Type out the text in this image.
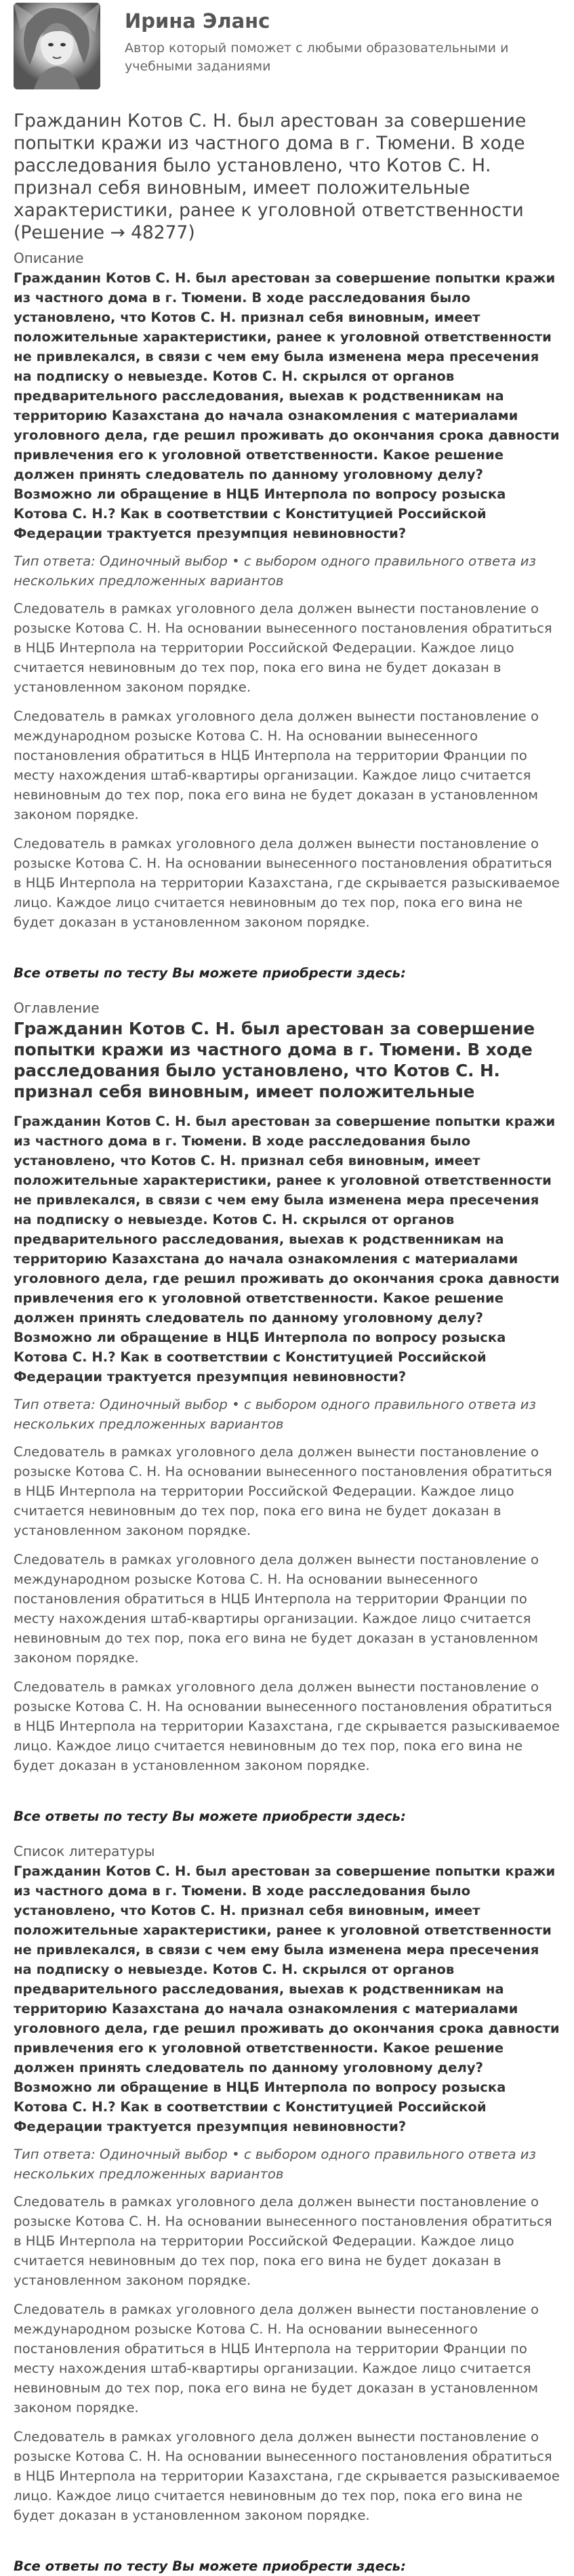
Ирина Эланс
Автор который поможет с любыми образовательными и учебными заданиями
Гражданин Котов С. Н. был арестован за совершение попытки кражи из частного дома в г. Тюмени. В ходе расследования было установлено, что Котов С. Н. признал себя виновным, имеет положительные характеристики, ранее к уголовной ответственности (Решение → 48277)
Описание
Гражданин Котов С. Н. был арестован за совершение попытки кражи из частного дома в г. Тюмени. В ходе расследования было установлено, что Котов С. Н. признал себя виновным, имеет положительные характеристики, ранее к уголовной ответственности не привлекался, в связи с чем ему была изменена мера пресечения на подписку о невыезде. Котов С. Н. скрылся от органов предварительного расследования, выехав к родственникам на территорию Казахстана до начала ознакомления с материалами уголовного дела, где решил проживать до окончания срока давности привлечения его к уголовной ответственности. Какое решение должен принять следователь по данному уголовному делу? Возможно ли обращение в НЦБ Интерпола по вопросу розыска Котова С. Н.? Как в соответствии с Конституцией Российской Федерации трактуется презумпция невиновности?
Тип ответа: Одиночный выбор • с выбором одного правильного ответа из нескольких предложенных вариантов
Следователь в рамках уголовного дела должен вынести постановление о розыске Котова С. Н. На основании вынесенного постановления обратиться в НЦБ Интерпола на территории Российской Федерации. Каждое лицо считается невиновным до тех пор, пока его вина не будет доказан в установленном законом порядке.
Следователь в рамках уголовного дела должен вынести постановление о международном розыске Котова С. Н. На основании вынесенного постановления обратиться в НЦБ Интерпола на территории Франции по месту нахождения штаб-квартиры организации. Каждое лицо считается невиновным до тех пор, пока его вина не будет доказан в установленном законом порядке.
Следователь в рамках уголовного дела должен вынести постановление о розыске Котова С. Н. На основании вынесенного постановления обратиться в НЦБ Интерпола на территории Казахстана, где скрывается разыскиваемое лицо. Каждое лицо считается невиновным до тех пор, пока его вина не будет доказан в установленном законом порядке.
Все ответы по тесту Вы можете приобрести здесь:
Оглавление
Гражданин Котов С. Н. был арестован за совершение попытки кражи из частного дома в г. Тюмени. В ходе расследования было установлено, что Котов С. Н. признал себя виновным, имеет положительные
Гражданин Котов С. Н. был арестован за совершение попытки кражи из частного дома в г. Тюмени. В ходе расследования было установлено, что Котов С. Н. признал себя виновным, имеет положительные характеристики, ранее к уголовной ответственности не привлекался, в связи с чем ему была изменена мера пресечения на подписку о невыезде. Котов С. Н. скрылся от органов предварительного расследования, выехав к родственникам на территорию Казахстана до начала ознакомления с материалами уголовного дела, где решил проживать до окончания срока давности привлечения его к уголовной ответственности. Какое решение должен принять следователь по данному уголовному делу? Возможно ли обращение в НЦБ Интерпола по вопросу розыска Котова С. Н.? Как в соответствии с Конституцией Российской Федерации трактуется презумпция невиновности?
Тип ответа: Одиночный выбор • с выбором одного правильного ответа из нескольких предложенных вариантов
Следователь в рамках уголовного дела должен вынести постановление о розыске Котова С. Н. На основании вынесенного постановления обратиться в НЦБ Интерпола на территории Российской Федерации. Каждое лицо считается невиновным до тех пор, пока его вина не будет доказан в установленном законом порядке.
Следователь в рамках уголовного дела должен вынести постановление о международном розыске Котова С. Н. На основании вынесенного постановления обратиться в НЦБ Интерпола на территории Франции по месту нахождения штаб-квартиры организации. Каждое лицо считается невиновным до тех пор, пока его вина не будет доказан в установленном законом порядке.
Следователь в рамках уголовного дела должен вынести постановление о розыске Котова С. Н. На основании вынесенного постановления обратиться в НЦБ Интерпола на территории Казахстана, где скрывается разыскиваемое лицо. Каждое лицо считается невиновным до тех пор, пока его вина не будет доказан в установленном законом порядке.
Все ответы по тесту Вы можете приобрести здесь:
Список литературы
Гражданин Котов С. Н. был арестован за совершение попытки кражи из частного дома в г. Тюмени. В ходе расследования было установлено, что Котов С. Н. признал себя виновным, имеет положительные характеристики, ранее к уголовной ответственности не привлекался, в связи с чем ему была изменена мера пресечения на подписку о невыезде. Котов С. Н. скрылся от органов предварительного расследования, выехав к родственникам на территорию Казахстана до начала ознакомления с материалами уголовного дела, где решил проживать до окончания срока давности привлечения его к уголовной ответственности. Какое решение должен принять следователь по данному уголовному делу? Возможно ли обращение в НЦБ Интерпола по вопросу розыска Котова С. Н.? Как в соответствии с Конституцией Российской Федерации трактуется презумпция невиновности?
Тип ответа: Одиночный выбор • с выбором одного правильного ответа из нескольких предложенных вариантов
Следователь в рамках уголовного дела должен вынести постановление о розыске Котова С. Н. На основании вынесенного постановления обратиться в НЦБ Интерпола на территории Российской Федерации. Каждое лицо считается невиновным до тех пор, пока его вина не будет доказан в установленном законом порядке.
Следователь в рамках уголовного дела должен вынести постановление о международном розыске Котова С. Н. На основании вынесенного постановления обратиться в НЦБ Интерпола на территории Франции по месту нахождения штаб-квартиры организации. Каждое лицо считается невиновным до тех пор, пока его вина не будет доказан в установленном законом порядке.
Следователь в рамках уголовного дела должен вынести постановление о розыске Котова С. Н. На основании вынесенного постановления обратиться в НЦБ Интерпола на территории Казахстана, где скрывается разыскиваемое лицо. Каждое лицо считается невиновным до тех пор, пока его вина не будет доказан в установленном законом порядке.
Все ответы по тесту Вы можете приобрести здесь:
